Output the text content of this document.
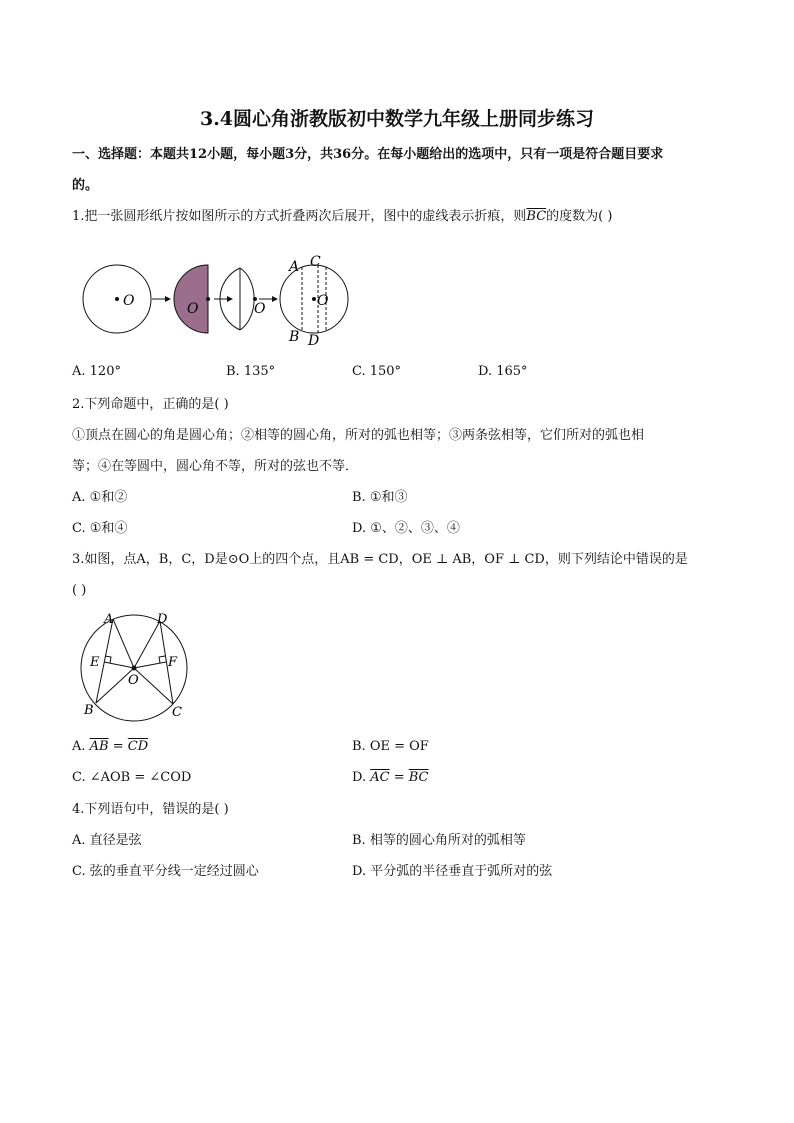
3.4圆心角浙教版初中数学九年级上册同步练习
一、选择题：本题共12小题，每小题3分，共36分。在每小题给出的选项中，只有一项是符合题目要求
的。
1.把一张圆形纸片按如图所示的方式折叠两次后展开，图中的虚线表示折痕，则$\overline{BC}$的度数为( )
O	O	O
A C
B D
O
A. 120°	B. 135°	C. 150°	D. 165°
2.下列命题中，正确的是( )
①顶点在圆心的角是圆心角；②相等的圆心角，所对的弧也相等；③两条弦相等，它们所对的弧也相
等；④在等圆中，圆心角不等，所对的弦也不等．
A. ①和②	B. ①和③
C. ①和④	D. ①、②、③、④
3.如图，点A，B，C，D是⊙O上的四个点，且AB = CD，OE ⊥ AB，OF ⊥ CD，则下列结论中错误的是
( )
A	D
E	F
O
B	C
A. $\overline{AB} = \overline{CD}$	B. OE = OF
C. ∠AOB = ∠COD	D. $\overline{AC} = \overline{BC}$
4.下列语句中，错误的是( )
A. 直径是弦	B. 相等的圆心角所对的弧相等
C. 弦的垂直平分线一定经过圆心	D. 平分弧的半径垂直于弧所对的弦
